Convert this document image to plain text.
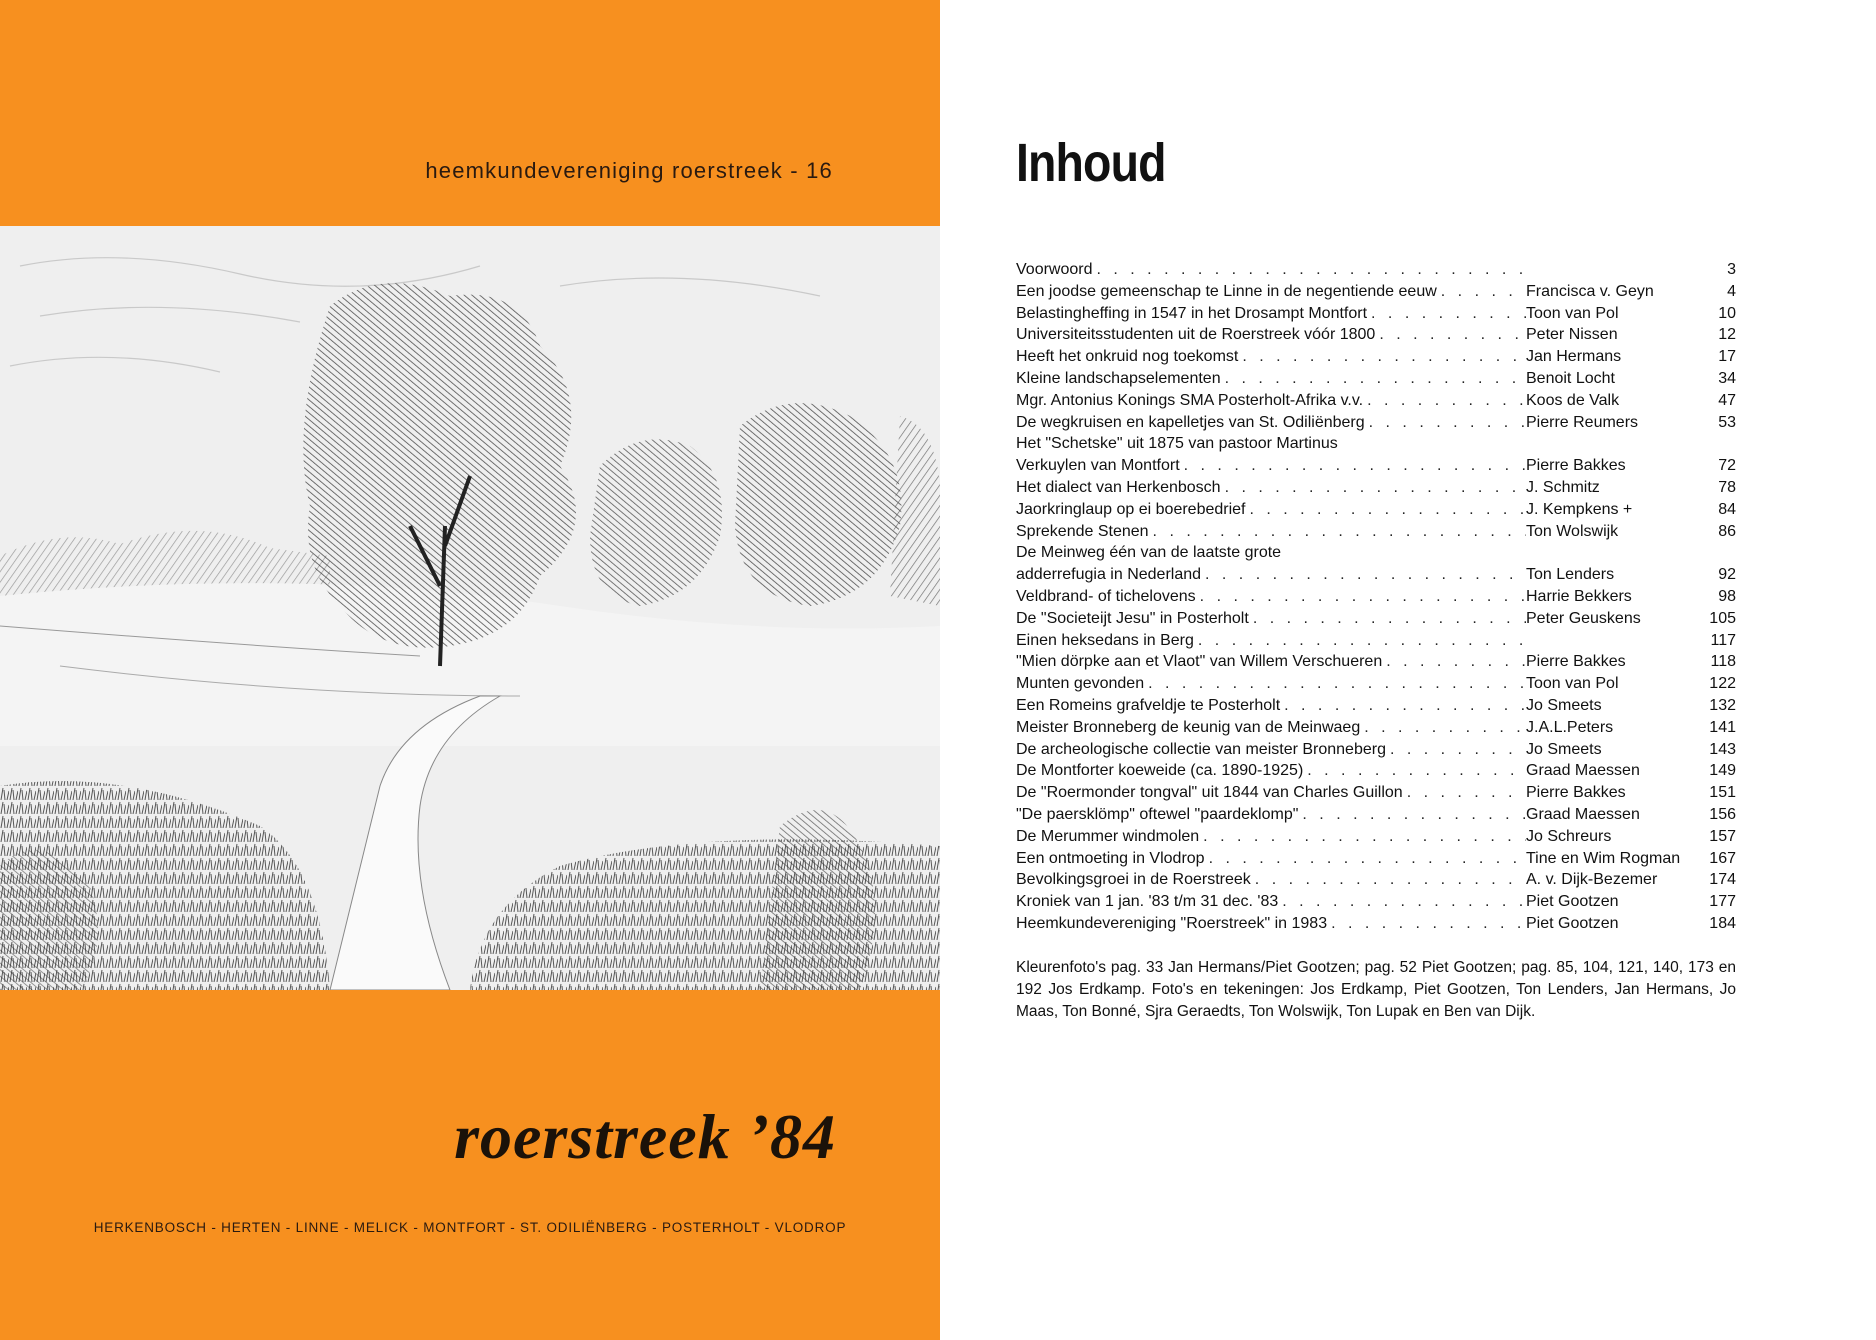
heemkundevereniging roerstreek - 16
roerstreek ’84
HERKENBOSCH - HERTEN - LINNE - MELICK - MONTFORT - ST. ODILIËNBERG - POSTERHOLT - VLODROP
Inhoud
Voorwoord . . .	3
Een joodse gemeenschap te Linne in de negentiende eeuw . . .	Francisca v. Geyn	4
Belastingheffing in 1547 in het Drosampt Montfort . . .	Toon van Pol	10
Universiteitsstudenten uit de Roerstreek vóór 1800 . . .	Peter Nissen	12
Heeft het onkruid nog toekomst . . .	Jan Hermans	17
Kleine landschapselementen . . .	Benoit Locht	34
Mgr. Antonius Konings SMA Posterholt-Afrika v.v. . . .	Koos de Valk	47
De wegkruisen en kapelletjes van St. Odiliënberg . . .	Pierre Reumers	53
Het "Schetske" uit 1875 van pastoor Martinus
Verkuylen van Montfort . . .	Pierre Bakkes	72
Het dialect van Herkenbosch . . .	J. Schmitz	78
Jaorkringlaup op ei boerebedrief . . .	J. Kempkens +	84
Sprekende Stenen . . .	Ton Wolswijk	86
De Meinweg één van de laatste grote
adderrefugia in Nederland . . .	Ton Lenders	92
Veldbrand- of tichelovens . . .	Harrie Bekkers	98
De "Societeijt Jesu" in Posterholt . . .	Peter Geuskens	105
Einen heksedans in Berg . . .	117
"Mien dörpke aan et Vlaot" van Willem Verschueren . . .	Pierre Bakkes	118
Munten gevonden . . .	Toon van Pol	122
Een Romeins grafveldje te Posterholt . . .	Jo Smeets	132
Meister Bronneberg de keunig van de Meinwaeg . . .	J.A.L.Peters	141
De archeologische collectie van meister Bronneberg . . .	Jo Smeets	143
De Montforter koeweide (ca. 1890-1925) . . .	Graad Maessen	149
De "Roermonder tongval" uit 1844 van Charles Guillon . . .	Pierre Bakkes	151
"De paersklömp" oftewel "paardeklomp" . . .	Graad Maessen	156
De Merummer windmolen . . .	Jo Schreurs	157
Een ontmoeting in Vlodrop . . .	Tine en Wim Rogman	167
Bevolkingsgroei in de Roerstreek . . .	A. v. Dijk-Bezemer	174
Kroniek van 1 jan. '83 t/m 31 dec. '83 . . .	Piet Gootzen	177
Heemkundevereniging "Roerstreek" in 1983 . . .	Piet Gootzen	184

Kleurenfoto's pag. 33 Jan Hermans/Piet Gootzen; pag. 52 Piet Gootzen; pag. 85, 104, 121, 140, 173 en 192 Jos Erdkamp. Foto's en tekeningen: Jos Erdkamp, Piet Gootzen, Ton Lenders, Jan Hermans, Jo Maas, Ton Bonné, Sjra Geraedts, Ton Wolswijk, Ton Lupak en Ben van Dijk.
